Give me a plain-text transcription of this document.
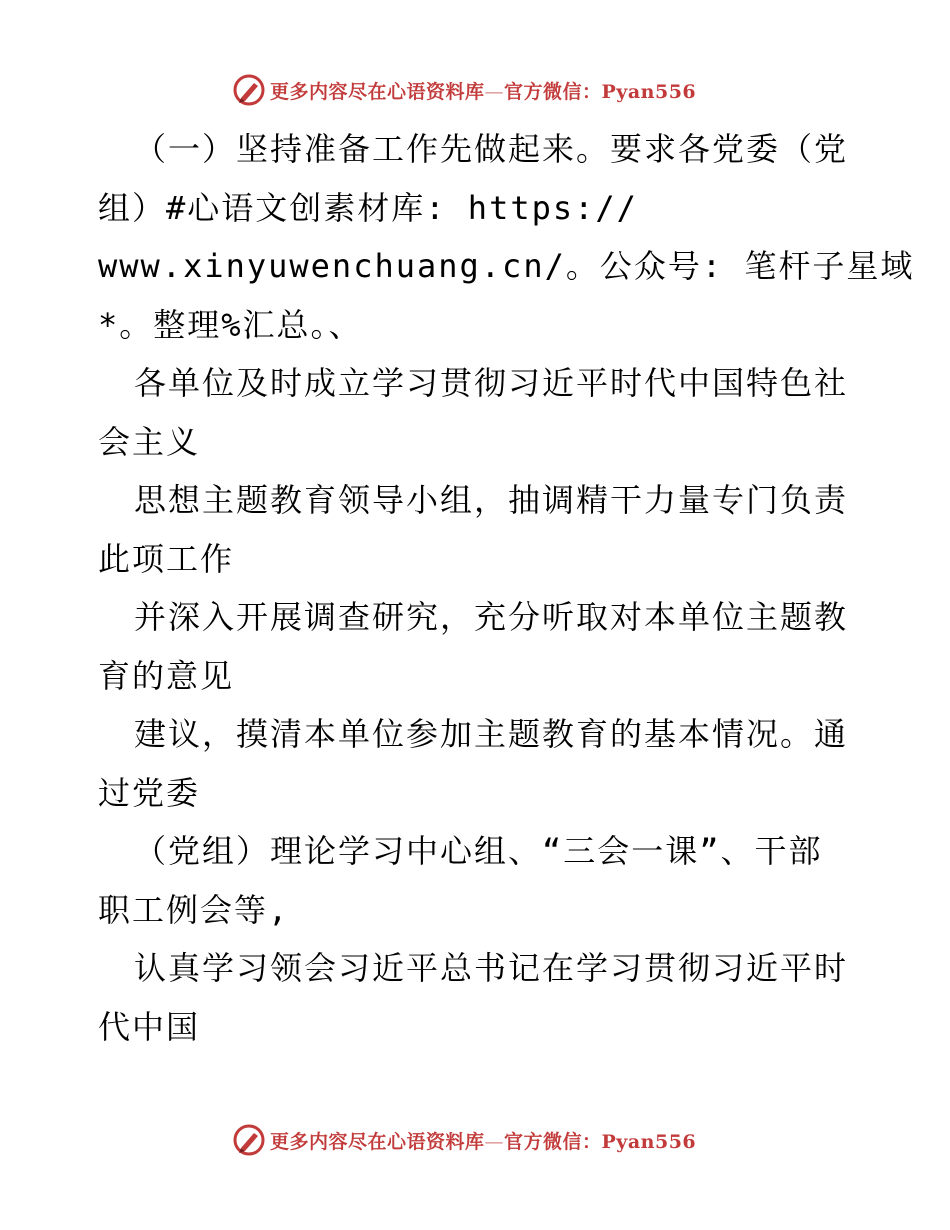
更多内容尽在心语资料库—官方微信：Pyan556
（一）坚持准备工作先做起来。要求各党委（党
组）#心语文创素材库: https://
www.xinyuwenchuang.cn/。公众号: 笔杆子星域
*。整理%汇总。、
各单位及时成立学习贯彻习近平时代中国特色社
会主义
思想主题教育领导小组，抽调精干力量专门负责
此项工作
并深入开展调查研究，充分听取对本单位主题教
育的意见
建议，摸清本单位参加主题教育的基本情况。通
过党委
（党组）理论学习中心组、“三会一课”、干部
职工例会等,
认真学习领会习近平总书记在学习贯彻习近平时
代中国
更多内容尽在心语资料库—官方微信：Pyan556
